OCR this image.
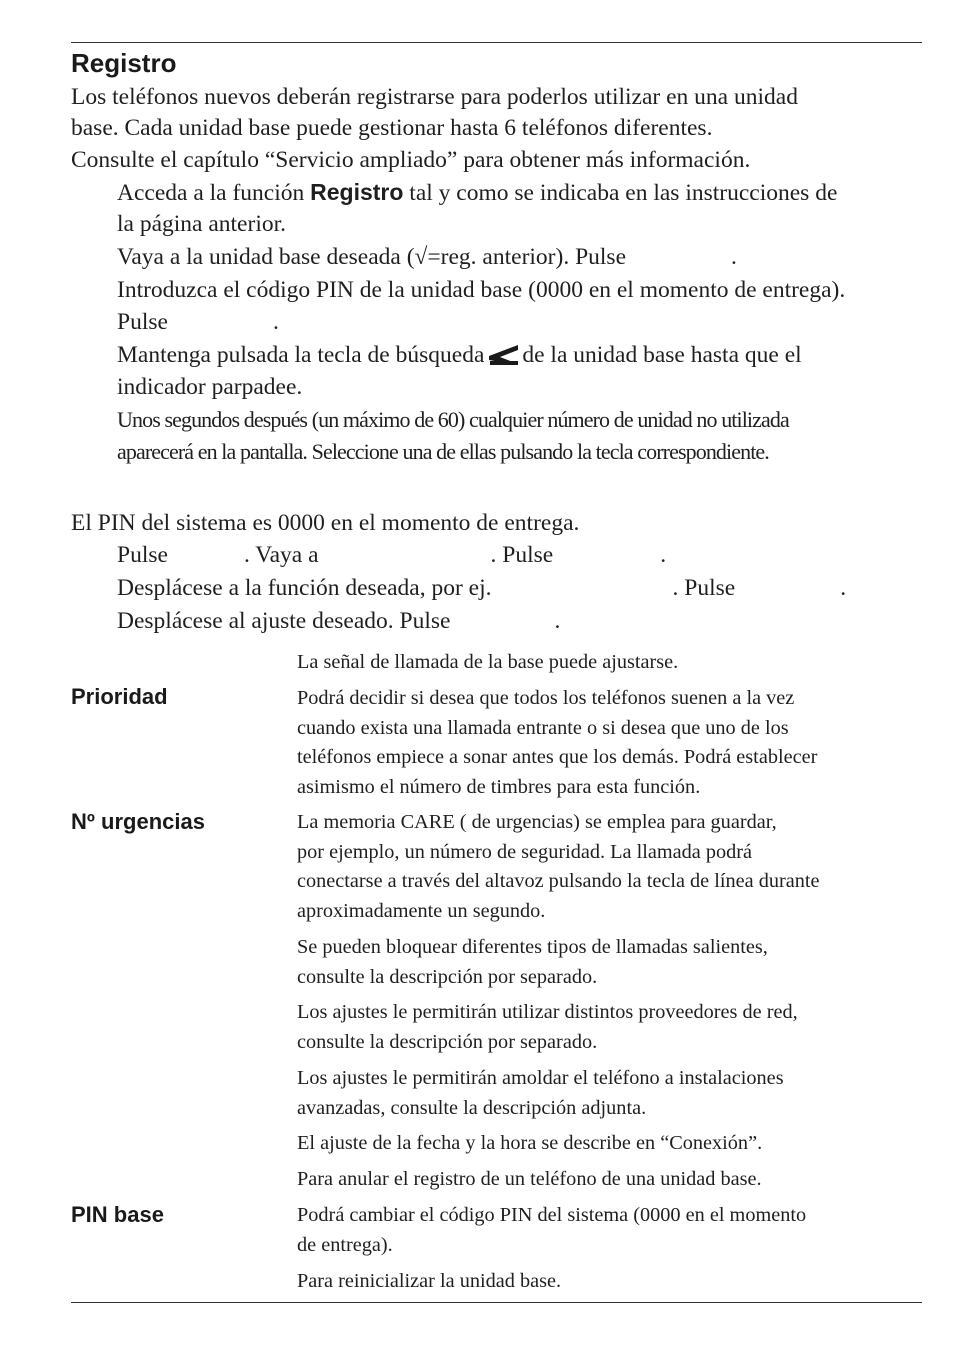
Registro
Los teléfonos nuevos deberán registrarse para poderlos utilizar en una unidad
base. Cada unidad base puede gestionar hasta 6 teléfonos diferentes.
Consulte el capítulo “Servicio ampliado” para obtener más información.
Acceda a la función Registro tal y como se indicaba en las instrucciones de
la página anterior.
Vaya a la unidad base deseada (√=reg. anterior). Pulse	.
Introduzca el código PIN de la unidad base (0000 en el momento de entrega).
Pulse	.
Mantenga pulsada la tecla de búsqueda de la unidad base hasta que el
indicador parpadee.
Unos segundos después (un máximo de 60) cualquier número de unidad no utilizada
aparecerá en la pantalla. Seleccione una de ellas pulsando la tecla correspondiente.
El PIN del sistema es 0000 en el momento de entrega.
Pulse	. Vaya a	. Pulse	.
Desplácese a la función deseada, por ej.	. Pulse	.
Desplácese al ajuste deseado. Pulse	.

La señal de llamada de la base puede ajustarse.

Prioridad	Podrá decidir si desea que todos los teléfonos suenen a la vez
cuando exista una llamada entrante o si desea que uno de los
teléfonos empiece a sonar antes que los demás. Podrá establecer
asimismo el número de timbres para esta función.

Nº urgencias	La memoria CARE ( de urgencias) se emplea para guardar,
por ejemplo, un número de seguridad. La llamada podrá
conectarse a través del altavoz pulsando la tecla de línea durante
aproximadamente un segundo.
Se pueden bloquear diferentes tipos de llamadas salientes,
consulte la descripción por separado.
Los ajustes le permitirán utilizar distintos proveedores de red,
consulte la descripción por separado.
Los ajustes le permitirán amoldar el teléfono a instalaciones
avanzadas, consulte la descripción adjunta.

El ajuste de la fecha y la hora se describe en “Conexión”.

Para anular el registro de un teléfono de una unidad base.

PIN base	Podrá cambiar el código PIN del sistema (0000 en el momento
de entrega).

Para reinicializar la unidad base.
